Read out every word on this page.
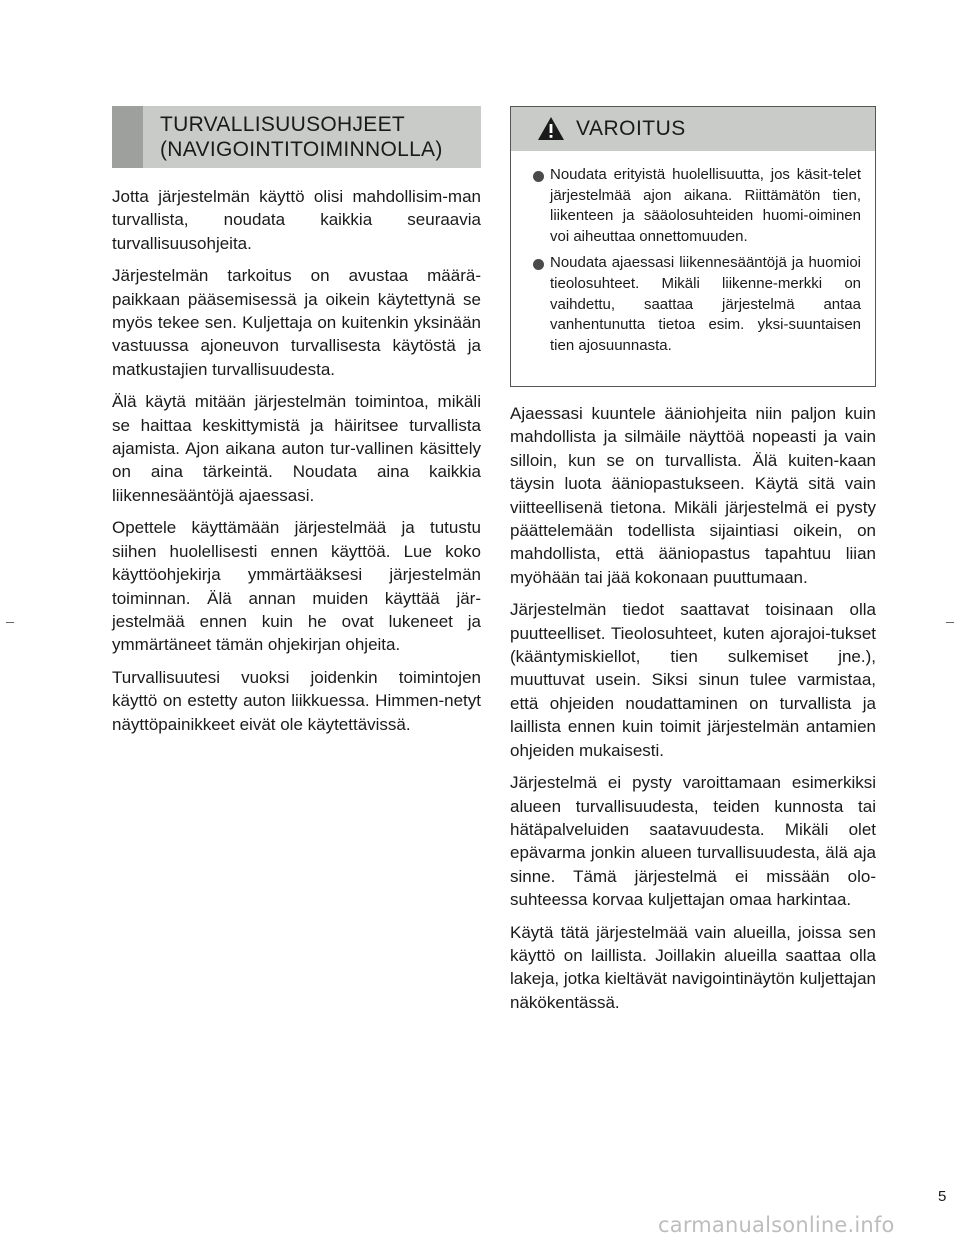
TURVALLISUUSOHJEET
(NAVIGOINTITOIMINNOLLA)

Jotta järjestelmän käyttö olisi mahdollisim-man turvallista, noudata kaikkia seuraavia turvallisuusohjeita.

Järjestelmän tarkoitus on avustaa määrä-paikkaan pääsemisessä ja oikein käytettynä se myös tekee sen. Kuljettaja on kuitenkin yksinään vastuussa ajoneuvon turvallisesta käytöstä ja matkustajien turvallisuudesta.

Älä käytä mitään järjestelmän toimintoa, mikäli se haittaa keskittymistä ja häiritsee turvallista ajamista. Ajon aikana auton tur-vallinen käsittely on aina tärkeintä. Noudata aina kaikkia liikennesääntöjä ajaessasi.

Opettele käyttämään järjestelmää ja tutustu siihen huolellisesti ennen käyttöä. Lue koko käyttöohjekirja ymmärtääksesi järjestelmän toiminnan. Älä annan muiden käyttää jär-jestelmää ennen kuin he ovat lukeneet ja ymmärtäneet tämän ohjekirjan ohjeita.

Turvallisuutesi vuoksi joidenkin toimintojen käyttö on estetty auton liikkuessa. Himmen-netyt näyttöpainikkeet eivät ole käytettävissä.

VAROITUS
Noudata erityistä huolellisuutta, jos käsit-telet järjestelmää ajon aikana. Riittämätön tien, liikenteen ja sääolosuhteiden huomi-oiminen voi aiheuttaa onnettomuuden.
Noudata ajaessasi liikennesääntöjä ja huomioi tieolosuhteet. Mikäli liikenne-merkki on vaihdettu, saattaa järjestelmä antaa vanhentunutta tietoa esim. yksi-suuntaisen tien ajosuunnasta.

Ajaessasi kuuntele ääniohjeita niin paljon kuin mahdollista ja silmäile näyttöä nopeasti ja vain silloin, kun se on turvallista. Älä kuiten-kaan täysin luota ääniopastukseen. Käytä sitä vain viitteellisenä tietona. Mikäli järjestelmä ei pysty päättelemään todellista sijaintiasi oikein, on mahdollista, että ääniopastus tapahtuu liian myöhään tai jää kokonaan puuttumaan.

Järjestelmän tiedot saattavat toisinaan olla puutteelliset. Tieolosuhteet, kuten ajorajoi-tukset (kääntymiskiellot, tien sulkemiset jne.), muuttuvat usein. Siksi sinun tulee varmistaa, että ohjeiden noudattaminen on turvallista ja laillista ennen kuin toimit järjestelmän antamien ohjeiden mukaisesti.

Järjestelmä ei pysty varoittamaan esimerkiksi alueen turvallisuudesta, teiden kunnosta tai hätäpalveluiden saatavuudesta. Mikäli olet epävarma jonkin alueen turvallisuudesta, älä aja sinne. Tämä järjestelmä ei missään olo-suhteessa korvaa kuljettajan omaa harkintaa.

Käytä tätä järjestelmää vain alueilla, joissa sen käyttö on laillista. Joillakin alueilla saattaa olla lakeja, jotka kieltävät navigointinäytön kuljettajan näkökentässä.

5
carmanualsonline.info
